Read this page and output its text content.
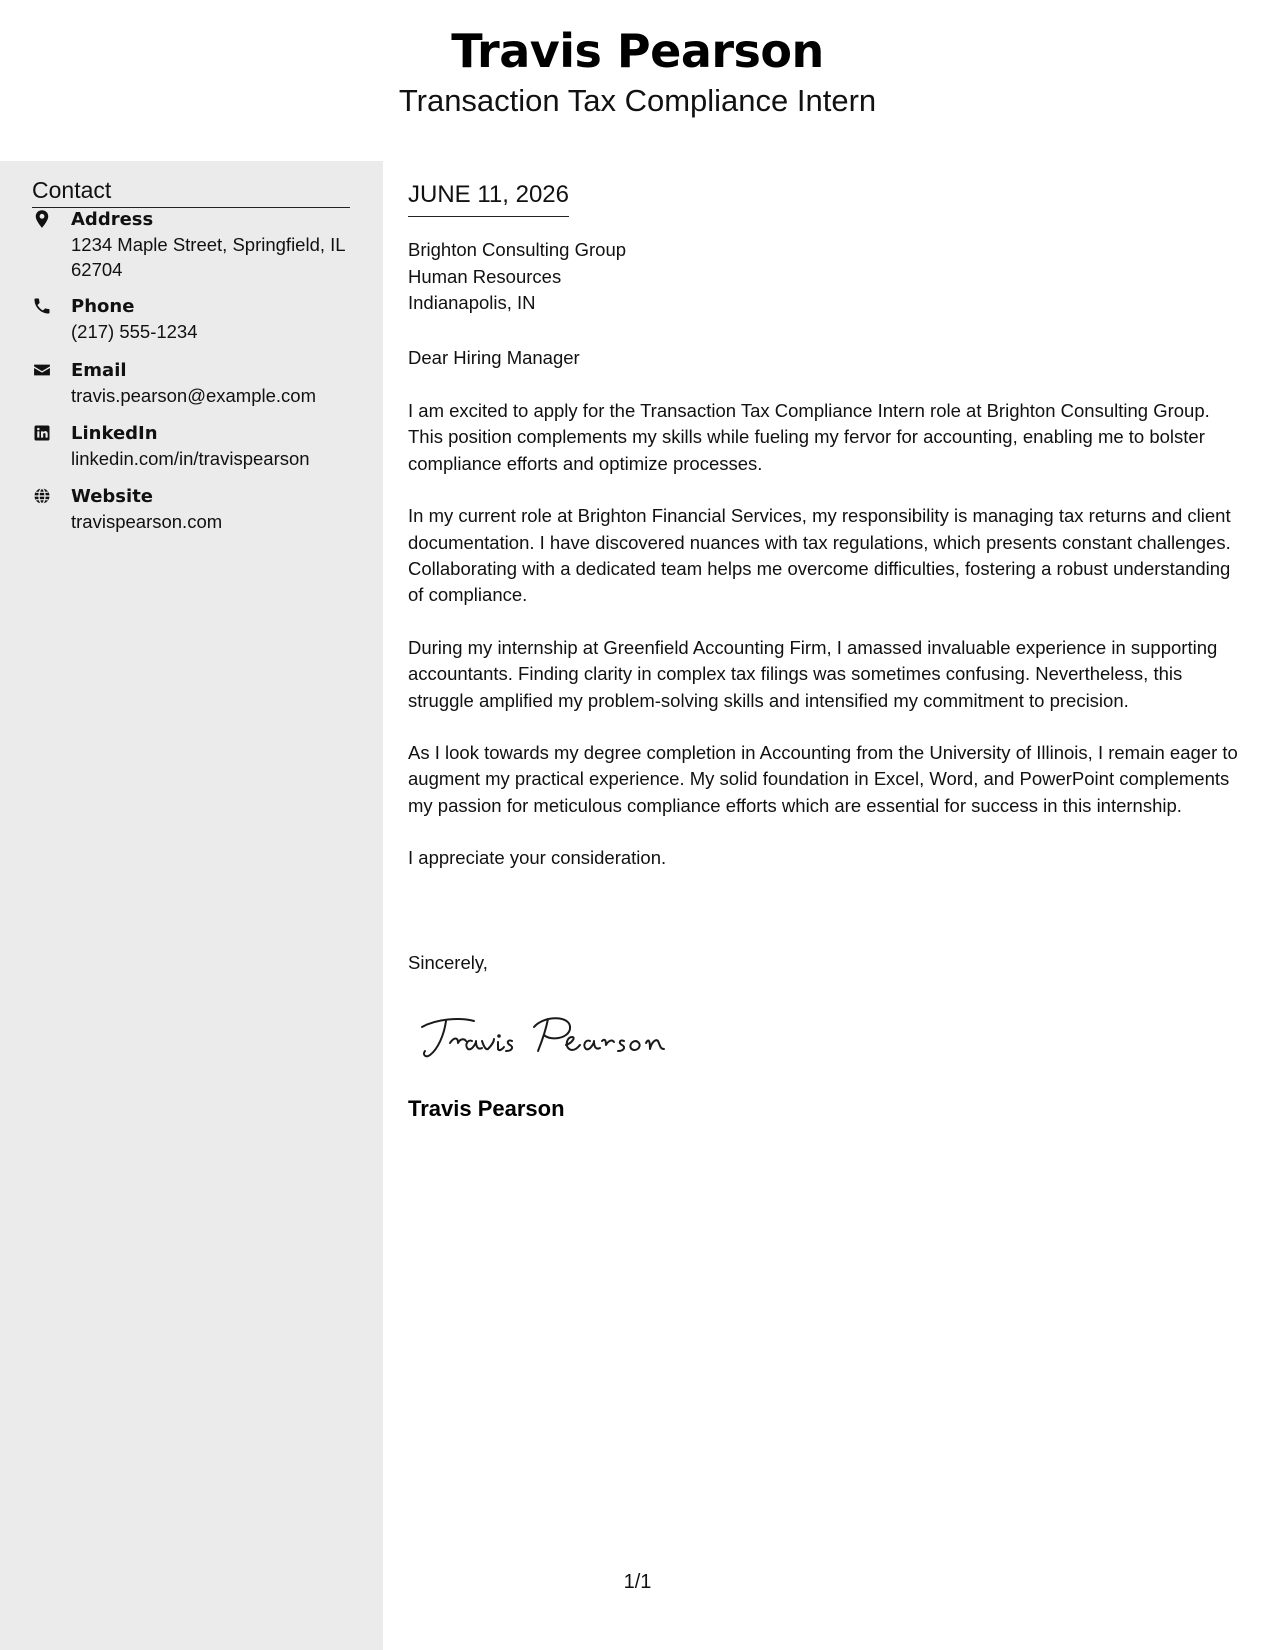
Travis Pearson
Transaction Tax Compliance Intern
Contact
Address
1234 Maple Street, Springfield, IL 62704
Phone
(217) 555-1234
Email
travis.pearson@example.com
LinkedIn
linkedin.com/in/travispearson
Website
travispearson.com
JUNE 11, 2026
Brighton Consulting Group
Human Resources
Indianapolis, IN
Dear Hiring Manager

I am excited to apply for the Transaction Tax Compliance Intern role at Brighton Consulting Group. This position complements my skills while fueling my fervor for accounting, enabling me to bolster compliance efforts and optimize processes.

In my current role at Brighton Financial Services, my responsibility is managing tax returns and client documentation. I have discovered nuances with tax regulations, which presents constant challenges. Collaborating with a dedicated team helps me overcome difficulties, fostering a robust understanding of compliance.

During my internship at Greenfield Accounting Firm, I amassed invaluable experience in supporting accountants. Finding clarity in complex tax filings was sometimes confusing. Nevertheless, this struggle amplified my problem-solving skills and intensified my commitment to precision.

As I look towards my degree completion in Accounting from the University of Illinois, I remain eager to augment my practical experience. My solid foundation in Excel, Word, and PowerPoint complements my passion for meticulous compliance efforts which are essential for success in this internship.

I appreciate your consideration.

Sincerely,
Travis Pearson
1/1
